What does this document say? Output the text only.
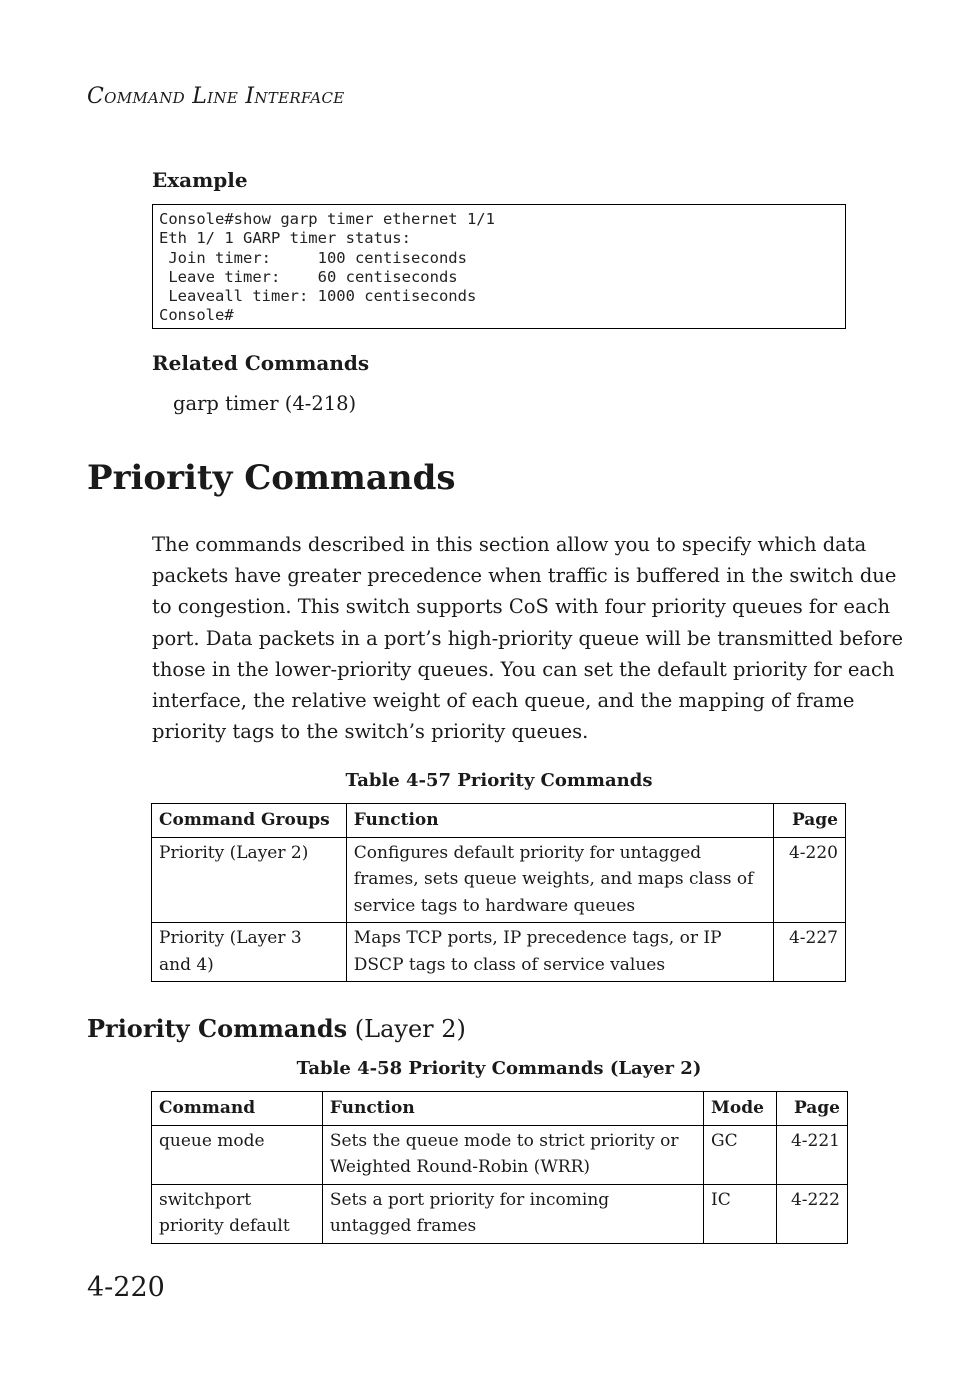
COMMAND LINE INTERFACE
Example
Console#show garp timer ethernet 1/1
Eth 1/ 1 GARP timer status:
Join timer:     100 centiseconds
Leave timer:    60 centiseconds
Leaveall timer: 1000 centiseconds
Console#
Related Commands
garp timer (4-218)
Priority Commands
The commands described in this section allow you to specify which data
packets have greater precedence when traffic is buffered in the switch due
to congestion. This switch supports CoS with four priority queues for each
port. Data packets in a port’s high-priority queue will be transmitted before
those in the lower-priority queues. You can set the default priority for each
interface, the relative weight of each queue, and the mapping of frame
priority tags to the switch’s priority queues.
Table 4-57 Priority Commands
Command Groups	Function	Page
Priority (Layer 2)	Configures default priority for untagged frames, sets queue weights, and maps class of service tags to hardware queues	4-220
Priority (Layer 3 and 4)	Maps TCP ports, IP precedence tags, or IP DSCP tags to class of service values	4-227
Priority Commands (Layer 2)
Table 4-58 Priority Commands (Layer 2)
Command	Function	Mode	Page
queue mode	Sets the queue mode to strict priority or Weighted Round-Robin (WRR)	GC	4-221
switchport priority default	Sets a port priority for incoming untagged frames	IC	4-222
4-220
